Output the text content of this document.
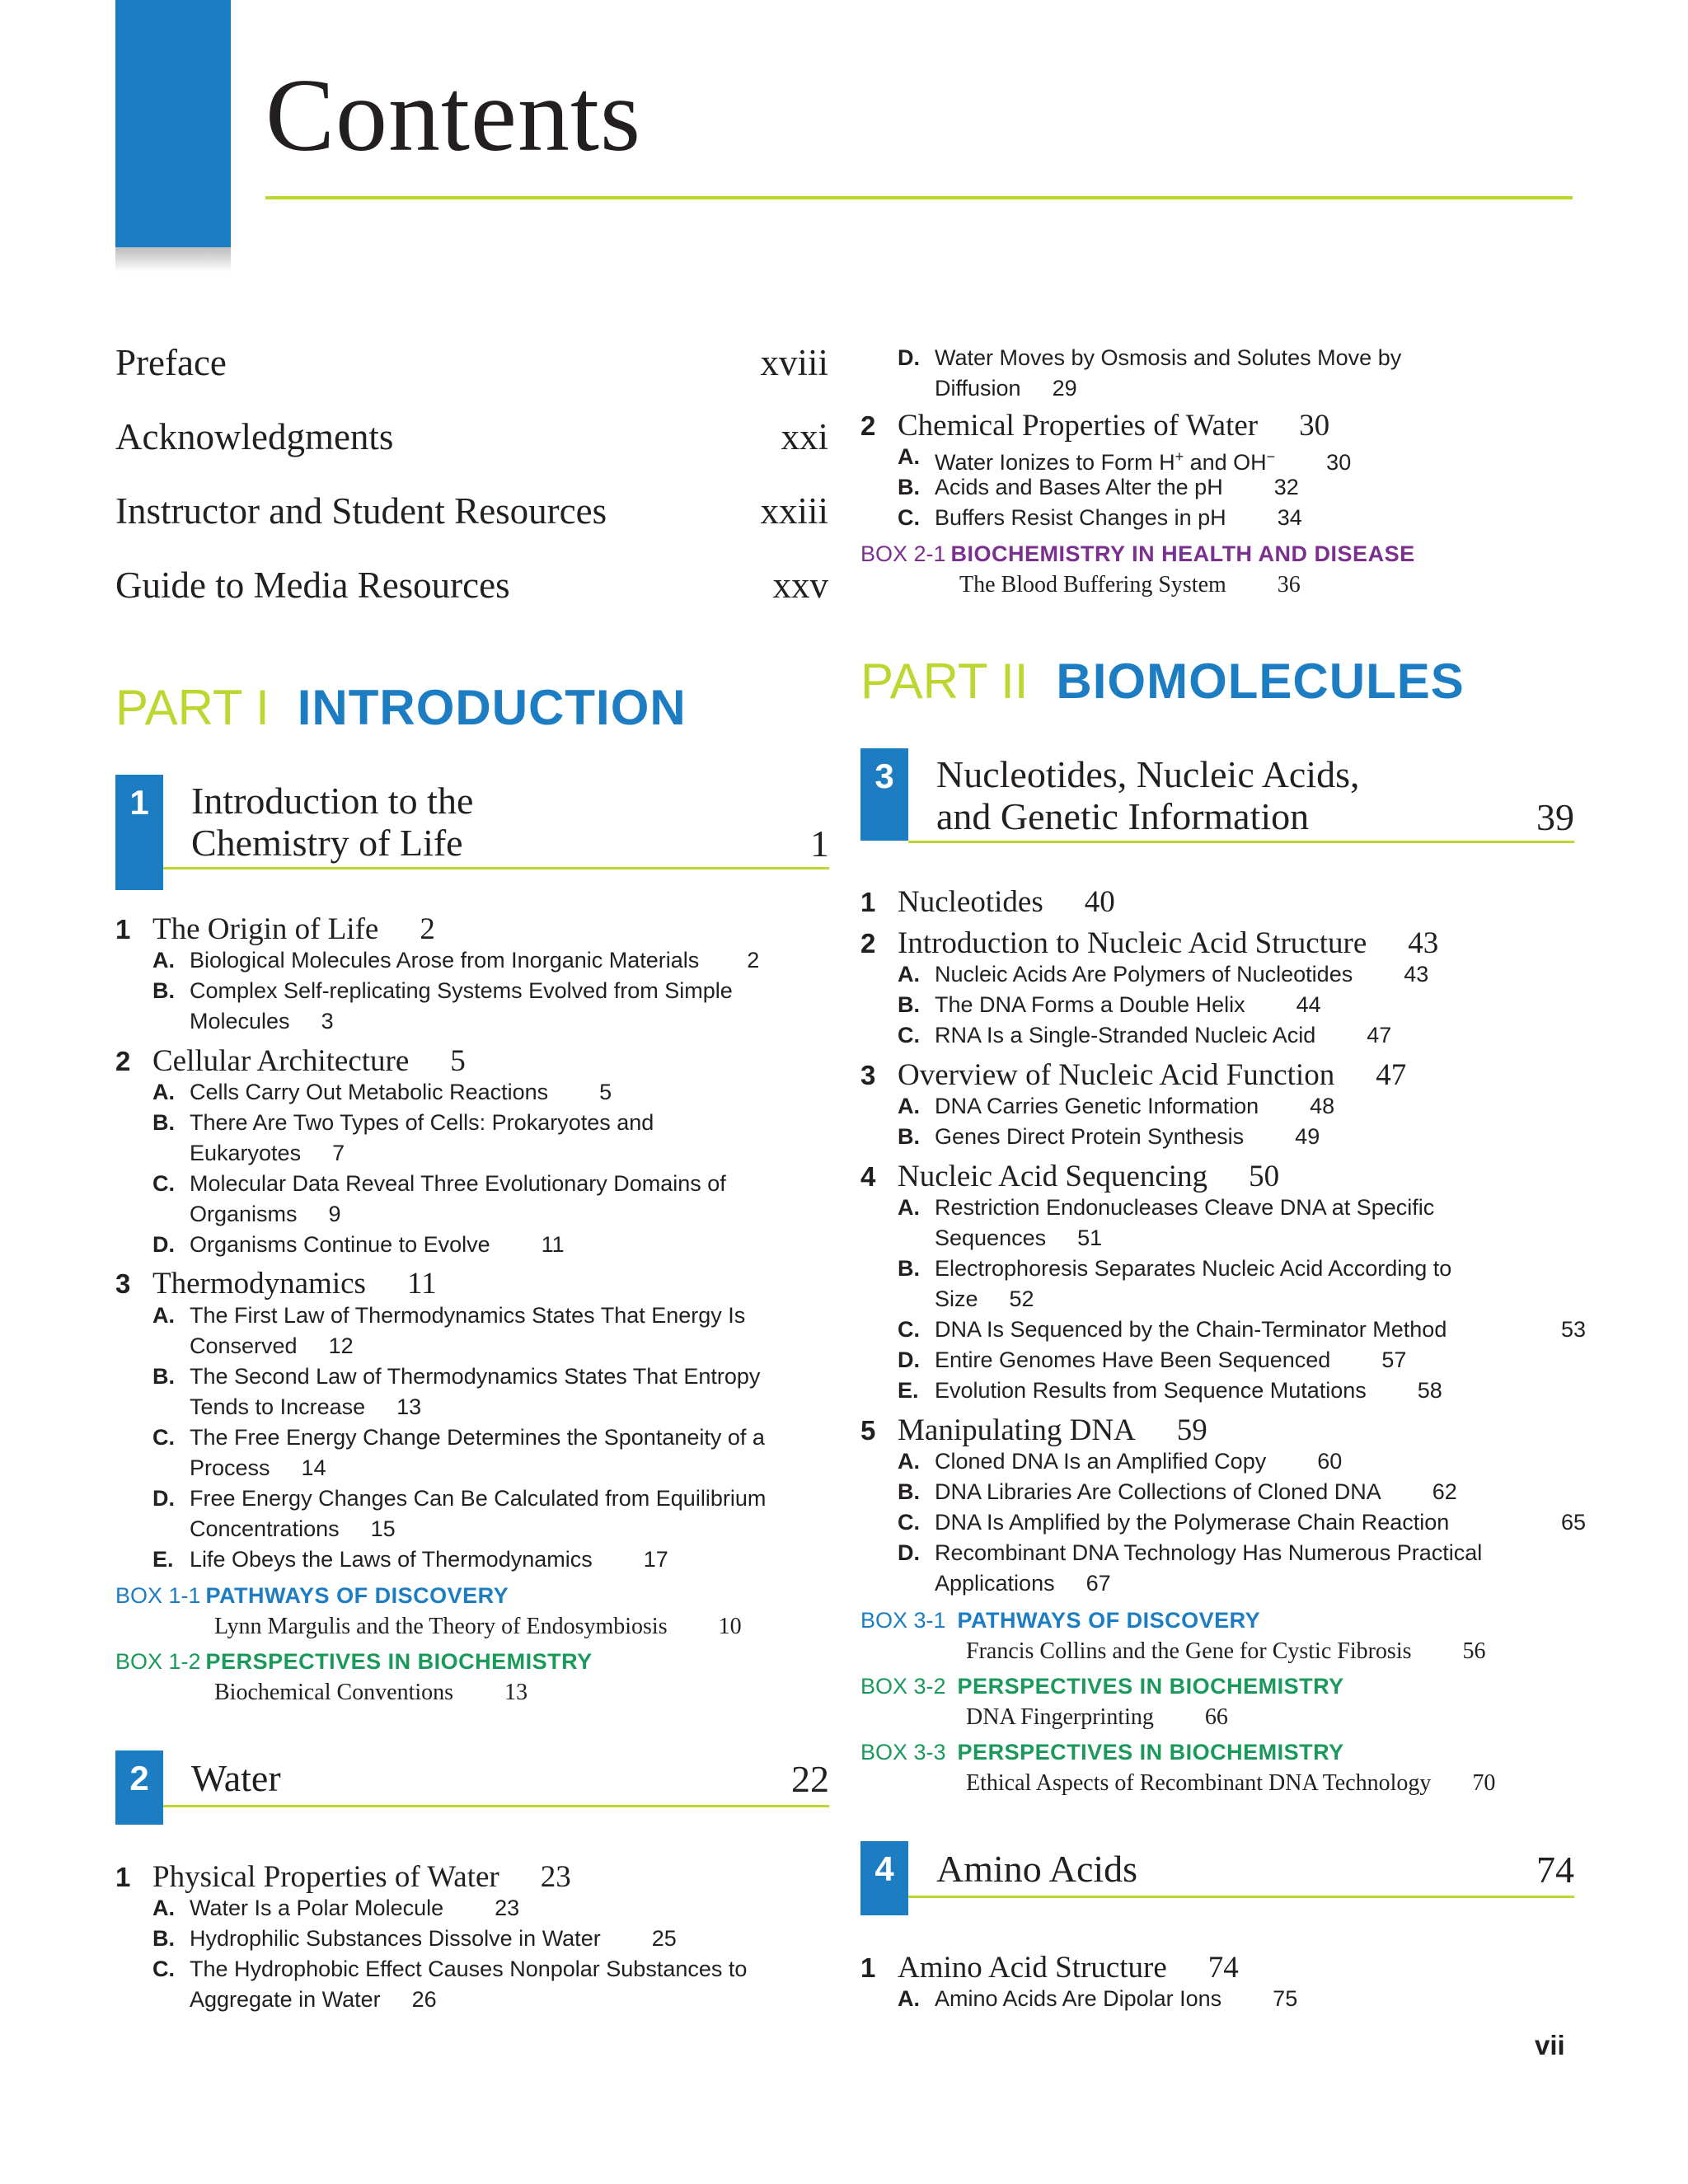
Contents
Preface	xviii
Acknowledgments	xxi
Instructor and Student Resources	xxiii
Guide to Media Resources	xxv
PART I INTRODUCTION
1	Introduction to the
Chemistry of Life	1
1 The Origin of Life 2
A. Biological Molecules Arose from Inorganic Materials 2
B. Complex Self-replicating Systems Evolved from Simple
Molecules 3
2 Cellular Architecture 5
A. Cells Carry Out Metabolic Reactions 5
B. There Are Two Types of Cells: Prokaryotes and
Eukaryotes 7
C. Molecular Data Reveal Three Evolutionary Domains of
Organisms 9
D. Organisms Continue to Evolve 11
3 Thermodynamics 11
A. The First Law of Thermodynamics States That Energy Is
Conserved 12
B. The Second Law of Thermodynamics States That Entropy
Tends to Increase 13
C. The Free Energy Change Determines the Spontaneity of a
Process 14
D. Free Energy Changes Can Be Calculated from Equilibrium
Concentrations 15
E. Life Obeys the Laws of Thermodynamics 17
BOX 1-1 PATHWAYS OF DISCOVERY
Lynn Margulis and the Theory of Endosymbiosis 10
BOX 1-2 PERSPECTIVES IN BIOCHEMISTRY
Biochemical Conventions 13
2	Water	22
1 Physical Properties of Water 23
A. Water Is a Polar Molecule 23
B. Hydrophilic Substances Dissolve in Water 25
C. The Hydrophobic Effect Causes Nonpolar Substances to
Aggregate in Water 26
D. Water Moves by Osmosis and Solutes Move by
Diffusion 29
2 Chemical Properties of Water 30
A. Water Ionizes to Form H+ and OH− 30
B. Acids and Bases Alter the pH 32
C. Buffers Resist Changes in pH 34
BOX 2-1 BIOCHEMISTRY IN HEALTH AND DISEASE
The Blood Buffering System 36
PART II BIOMOLECULES
3	Nucleotides, Nucleic Acids,
and Genetic Information	39
1 Nucleotides 40
2 Introduction to Nucleic Acid Structure 43
A. Nucleic Acids Are Polymers of Nucleotides 43
B. The DNA Forms a Double Helix 44
C. RNA Is a Single-Stranded Nucleic Acid 47
3 Overview of Nucleic Acid Function 47
A. DNA Carries Genetic Information 48
B. Genes Direct Protein Synthesis 49
4 Nucleic Acid Sequencing 50
A. Restriction Endonucleases Cleave DNA at Specific
Sequences 51
B. Electrophoresis Separates Nucleic Acid According to
Size 52
C. DNA Is Sequenced by the Chain-Terminator Method	53
D. Entire Genomes Have Been Sequenced 57
E. Evolution Results from Sequence Mutations 58
5 Manipulating DNA 59
A. Cloned DNA Is an Amplified Copy 60
B. DNA Libraries Are Collections of Cloned DNA 62
C. DNA Is Amplified by the Polymerase Chain Reaction	65
D. Recombinant DNA Technology Has Numerous Practical
Applications 67
BOX 3-1 PATHWAYS OF DISCOVERY
Francis Collins and the Gene for Cystic Fibrosis 56
BOX 3-2 PERSPECTIVES IN BIOCHEMISTRY
DNA Fingerprinting 66
BOX 3-3 PERSPECTIVES IN BIOCHEMISTRY
Ethical Aspects of Recombinant DNA Technology 70
4	Amino Acids	74
1 Amino Acid Structure 74
A. Amino Acids Are Dipolar Ions 75
vii
